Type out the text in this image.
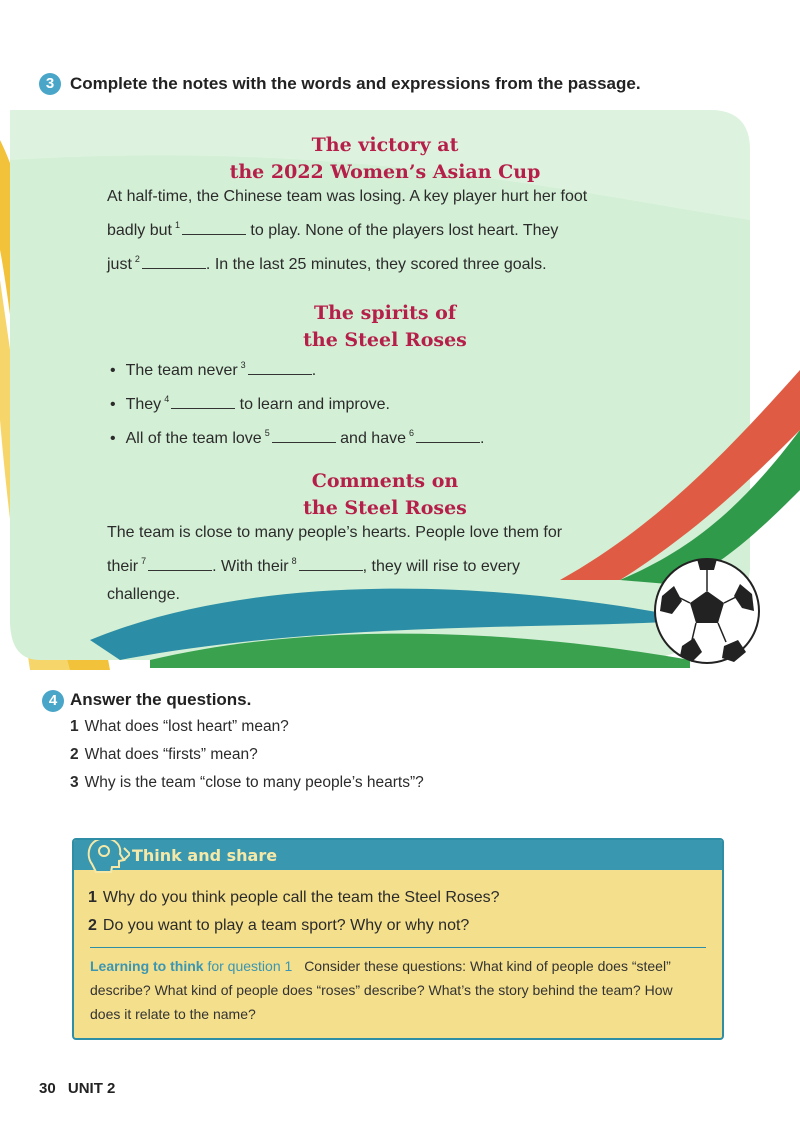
3 Complete the notes with the words and expressions from the passage.
The victory at
the 2022 Women’s Asian Cup
At half-time, the Chinese team was losing. A key player hurt her foot
badly but $^1$	to play. None of the players lost heart. They
just $^2$	. In the last 25 minutes, they scored three goals.
The spirits of
the Steel Roses
• The team never $^3$	.
• They $^4$	to learn and improve.
• All of the team love $^5$	and have $^6$	.
Comments on
the Steel Roses
The team is close to many people’s hearts. People love them for
their $^7$	. With their $^8$	, they will rise to every
challenge.
4 Answer the questions.
1 What does “lost heart” mean?
2 What does “firsts” mean?
3 Why is the team “close to many people’s hearts”?
Think and share
1 Why do you think people call the team the Steel Roses?
2 Do you want to play a team sport? Why or why not?
Learning to think for question 1 Consider these questions: What kind of people does “steel” describe? What kind of people does “roses” describe? What’s the story behind the team? How does it relate to the name?
30 UNIT 2
